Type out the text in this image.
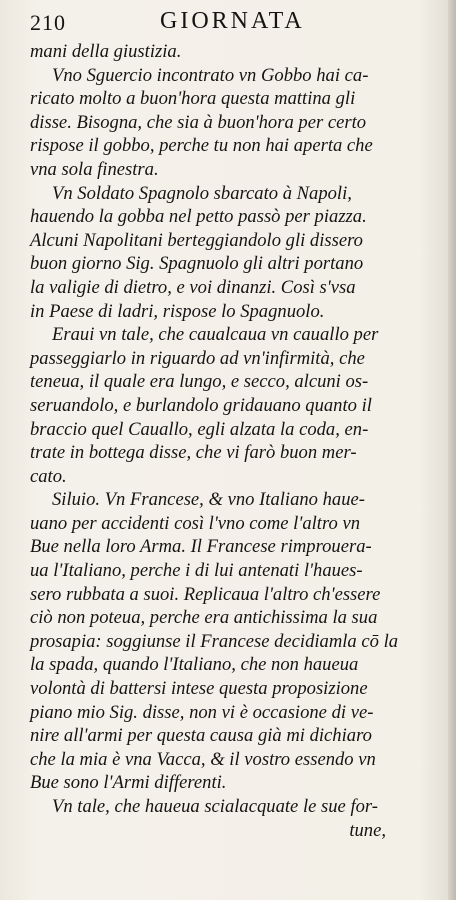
210	GIORNATA
mani della giustizia.
Vno Sguercio incontrato vn Gobbo hai ca-
ricato molto a buon'hora questa mattina gli
disse. Bisogna, che sia à buon'hora per certo
rispose il gobbo, perche tu non hai aperta che
vna sola finestra.
Vn Soldato Spagnolo sbarcato à Napoli,
hauendo la gobba nel petto passò per piazza.
Alcuni Napolitani berteggiandolo gli dissero
buon giorno Sig. Spagnuolo gli altri portano
la valigie di dietro, e voi dinanzi. Così s'vsa
in Paese di ladri, rispose lo Spagnuolo.
Eraui vn tale, che caualcaua vn cauallo per
passeggiarlo in riguardo ad vn'infirmità, che
teneua, il quale era lungo, e secco, alcuni os-
seruandolo, e burlandolo gridauano quanto il
braccio quel Cauallo, egli alzata la coda, en-
trate in bottega disse, che vi farò buon mer-
cato.
Siluio. Vn Francese, & vno Italiano haue-
uano per accidenti così l'vno come l'altro vn
Bue nella loro Arma. Il Francese rimprouera-
ua l'Italiano, perche i di lui antenati l'haues-
sero rubbata a suoi. Replicaua l'altro ch'essere
ciò non poteua, perche era antichissima la sua
prosapia: soggiunse il Francese decidiamla cō la
la spada, quando l'Italiano, che non haueua
volontà di battersi intese questa proposizione
piano mio Sig. disse, non vi è occasione di ve-
nire all'armi per questa causa già mi dichiaro
che la mia è vna Vacca, & il vostro essendo vn
Bue sono l'Armi differenti.
Vn tale, che haueua scialacquate le sue for-
tune,
